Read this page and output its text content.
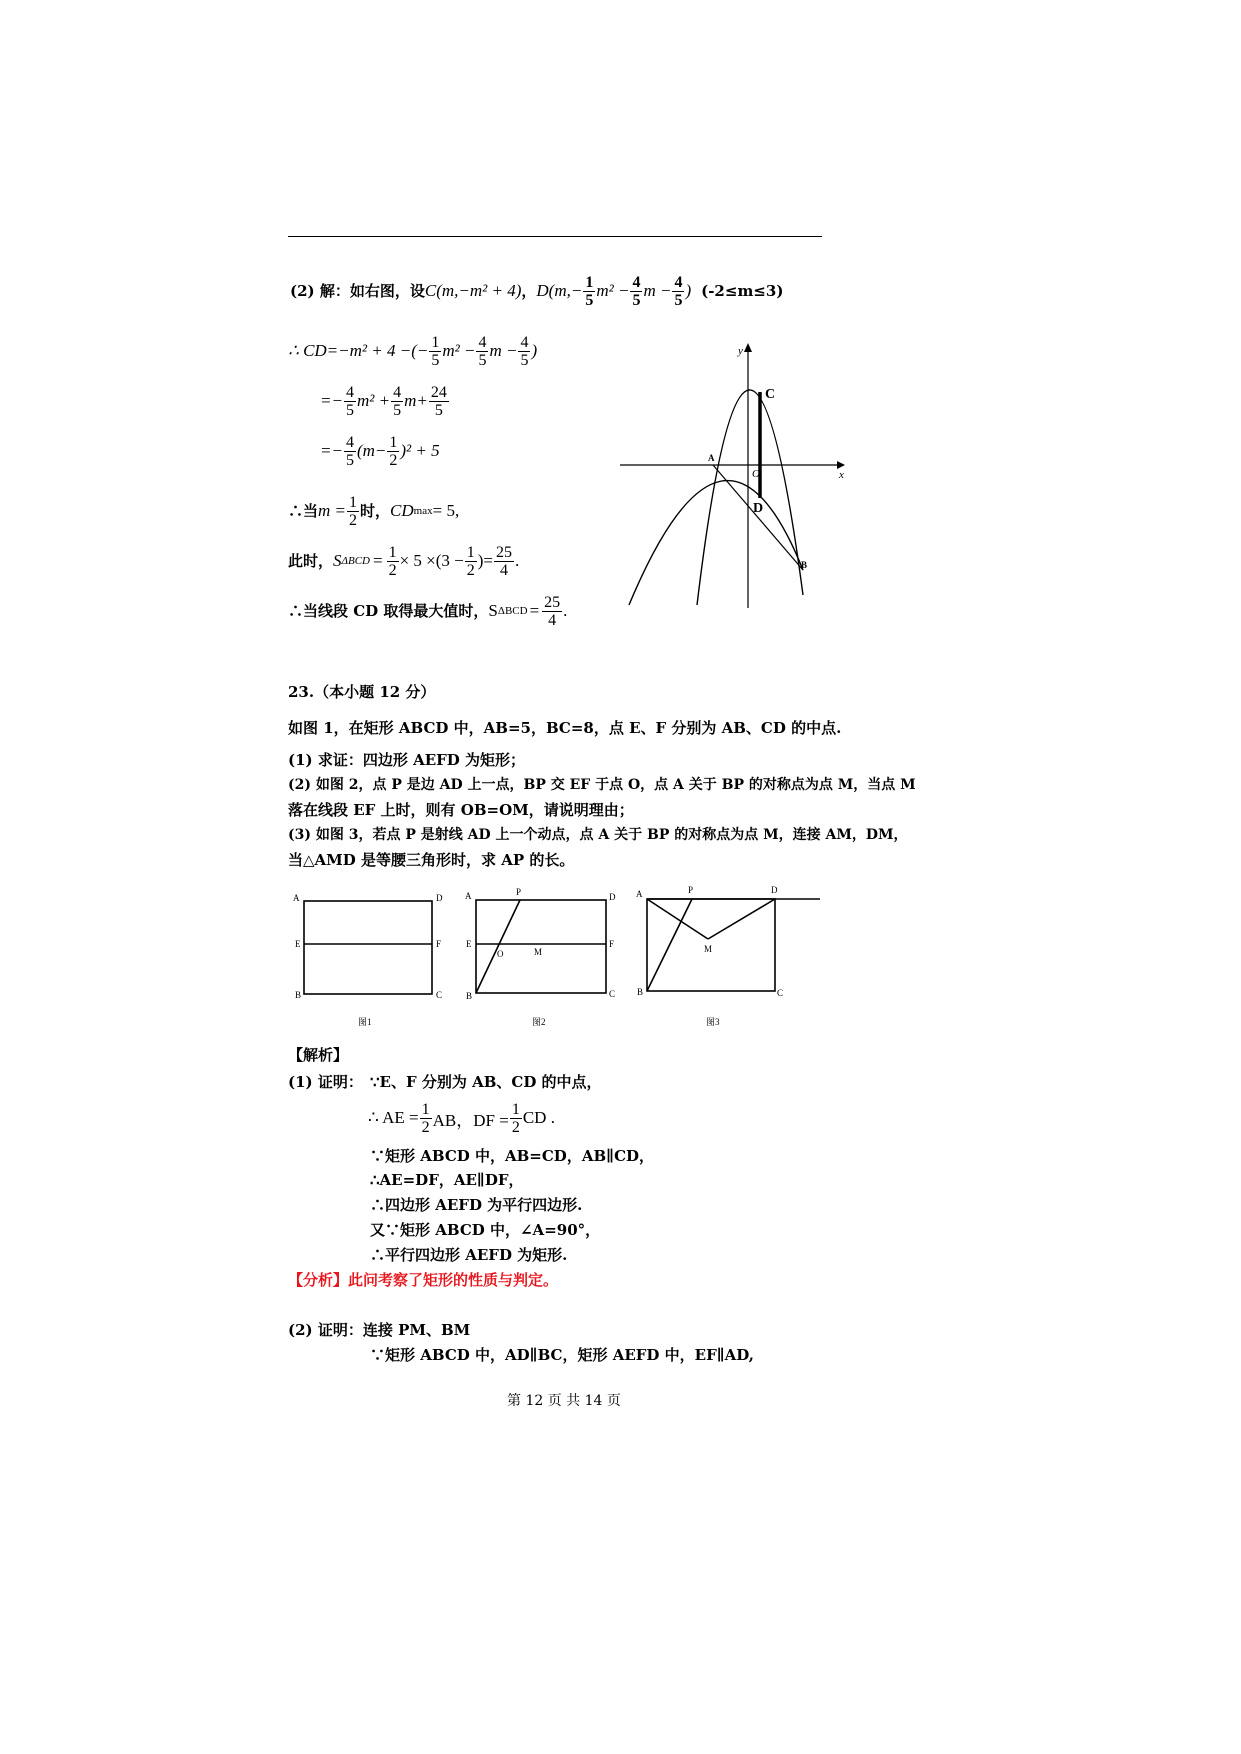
(2) 解：如右图，设 C(m,−m² + 4) ， $D(m,- \frac{1}{5} m^2 - \frac{4}{5}$ $m - \frac{4}{5}$ ) (-2≤m≤3)
∴ CD=−m² + 4 −(− $\frac{1}{5} m^2 - \frac{4}{5}$ $m - \frac{4}{5}$ )
=− $\frac{4}{5} m^2 + \frac{4}{5} m+ \frac{24}{5}$
=− $\frac{4}{5} (m- \frac{1}{2} )^2 + 5$
∴当 $m = \frac{1}{2}$ 时， CD max = 5,
此时， S $\Delta BCD = \frac{1}{2} \times 5 \times(3 - \frac{1}{2}$ )= $\frac{25}{4}$ .
∴当线段 CD 取得最大值时， S $\Delta BCD = \frac{25}{4}$ .
x
y
O
A
B
C
D
23.（本小题 12 分）
如图 1，在矩形 ABCD 中，AB=5，BC=8，点 E、F 分别为 AB、CD 的中点.
(1) 求证：四边形 AEFD 为矩形；
(2) 如图 2，点 P 是边 AD 上一点，BP 交 EF 于点 O，点 A 关于 BP 的对称点为点 M，当点 M
落在线段 EF 上时，则有 OB=OM，请说明理由；
(3) 如图 3，若点 P 是射线 AD 上一个动点，点 A 关于 BP 的对称点为点 M，连接 AM，DM，
当△AMD 是等腰三角形时，求 AP 的长。
A	D
E	F
B	C
图1
A	P	D
E
O	M
F
B	C
图2
A	P	D
M
B	C
图3
【解析】
(1) 证明： ∵E、F 分别为 AB、CD 的中点，
∴ AE = $\frac{1}{2}$ AB，DF = $\frac{1}{2}$ CD .
∵矩形 ABCD 中，AB=CD，AB∥CD，
∴AE=DF，AE∥DF，
∴四边形 AEFD 为平行四边形.
又∵矩形 ABCD 中，∠A=90°，
∴平行四边形 AEFD 为矩形.
【分析】此问考察了矩形的性质与判定。
(2) 证明：连接 PM、BM
∵矩形 ABCD 中，AD∥BC，矩形 AEFD 中，EF∥AD,
第 12 页 共 14 页
